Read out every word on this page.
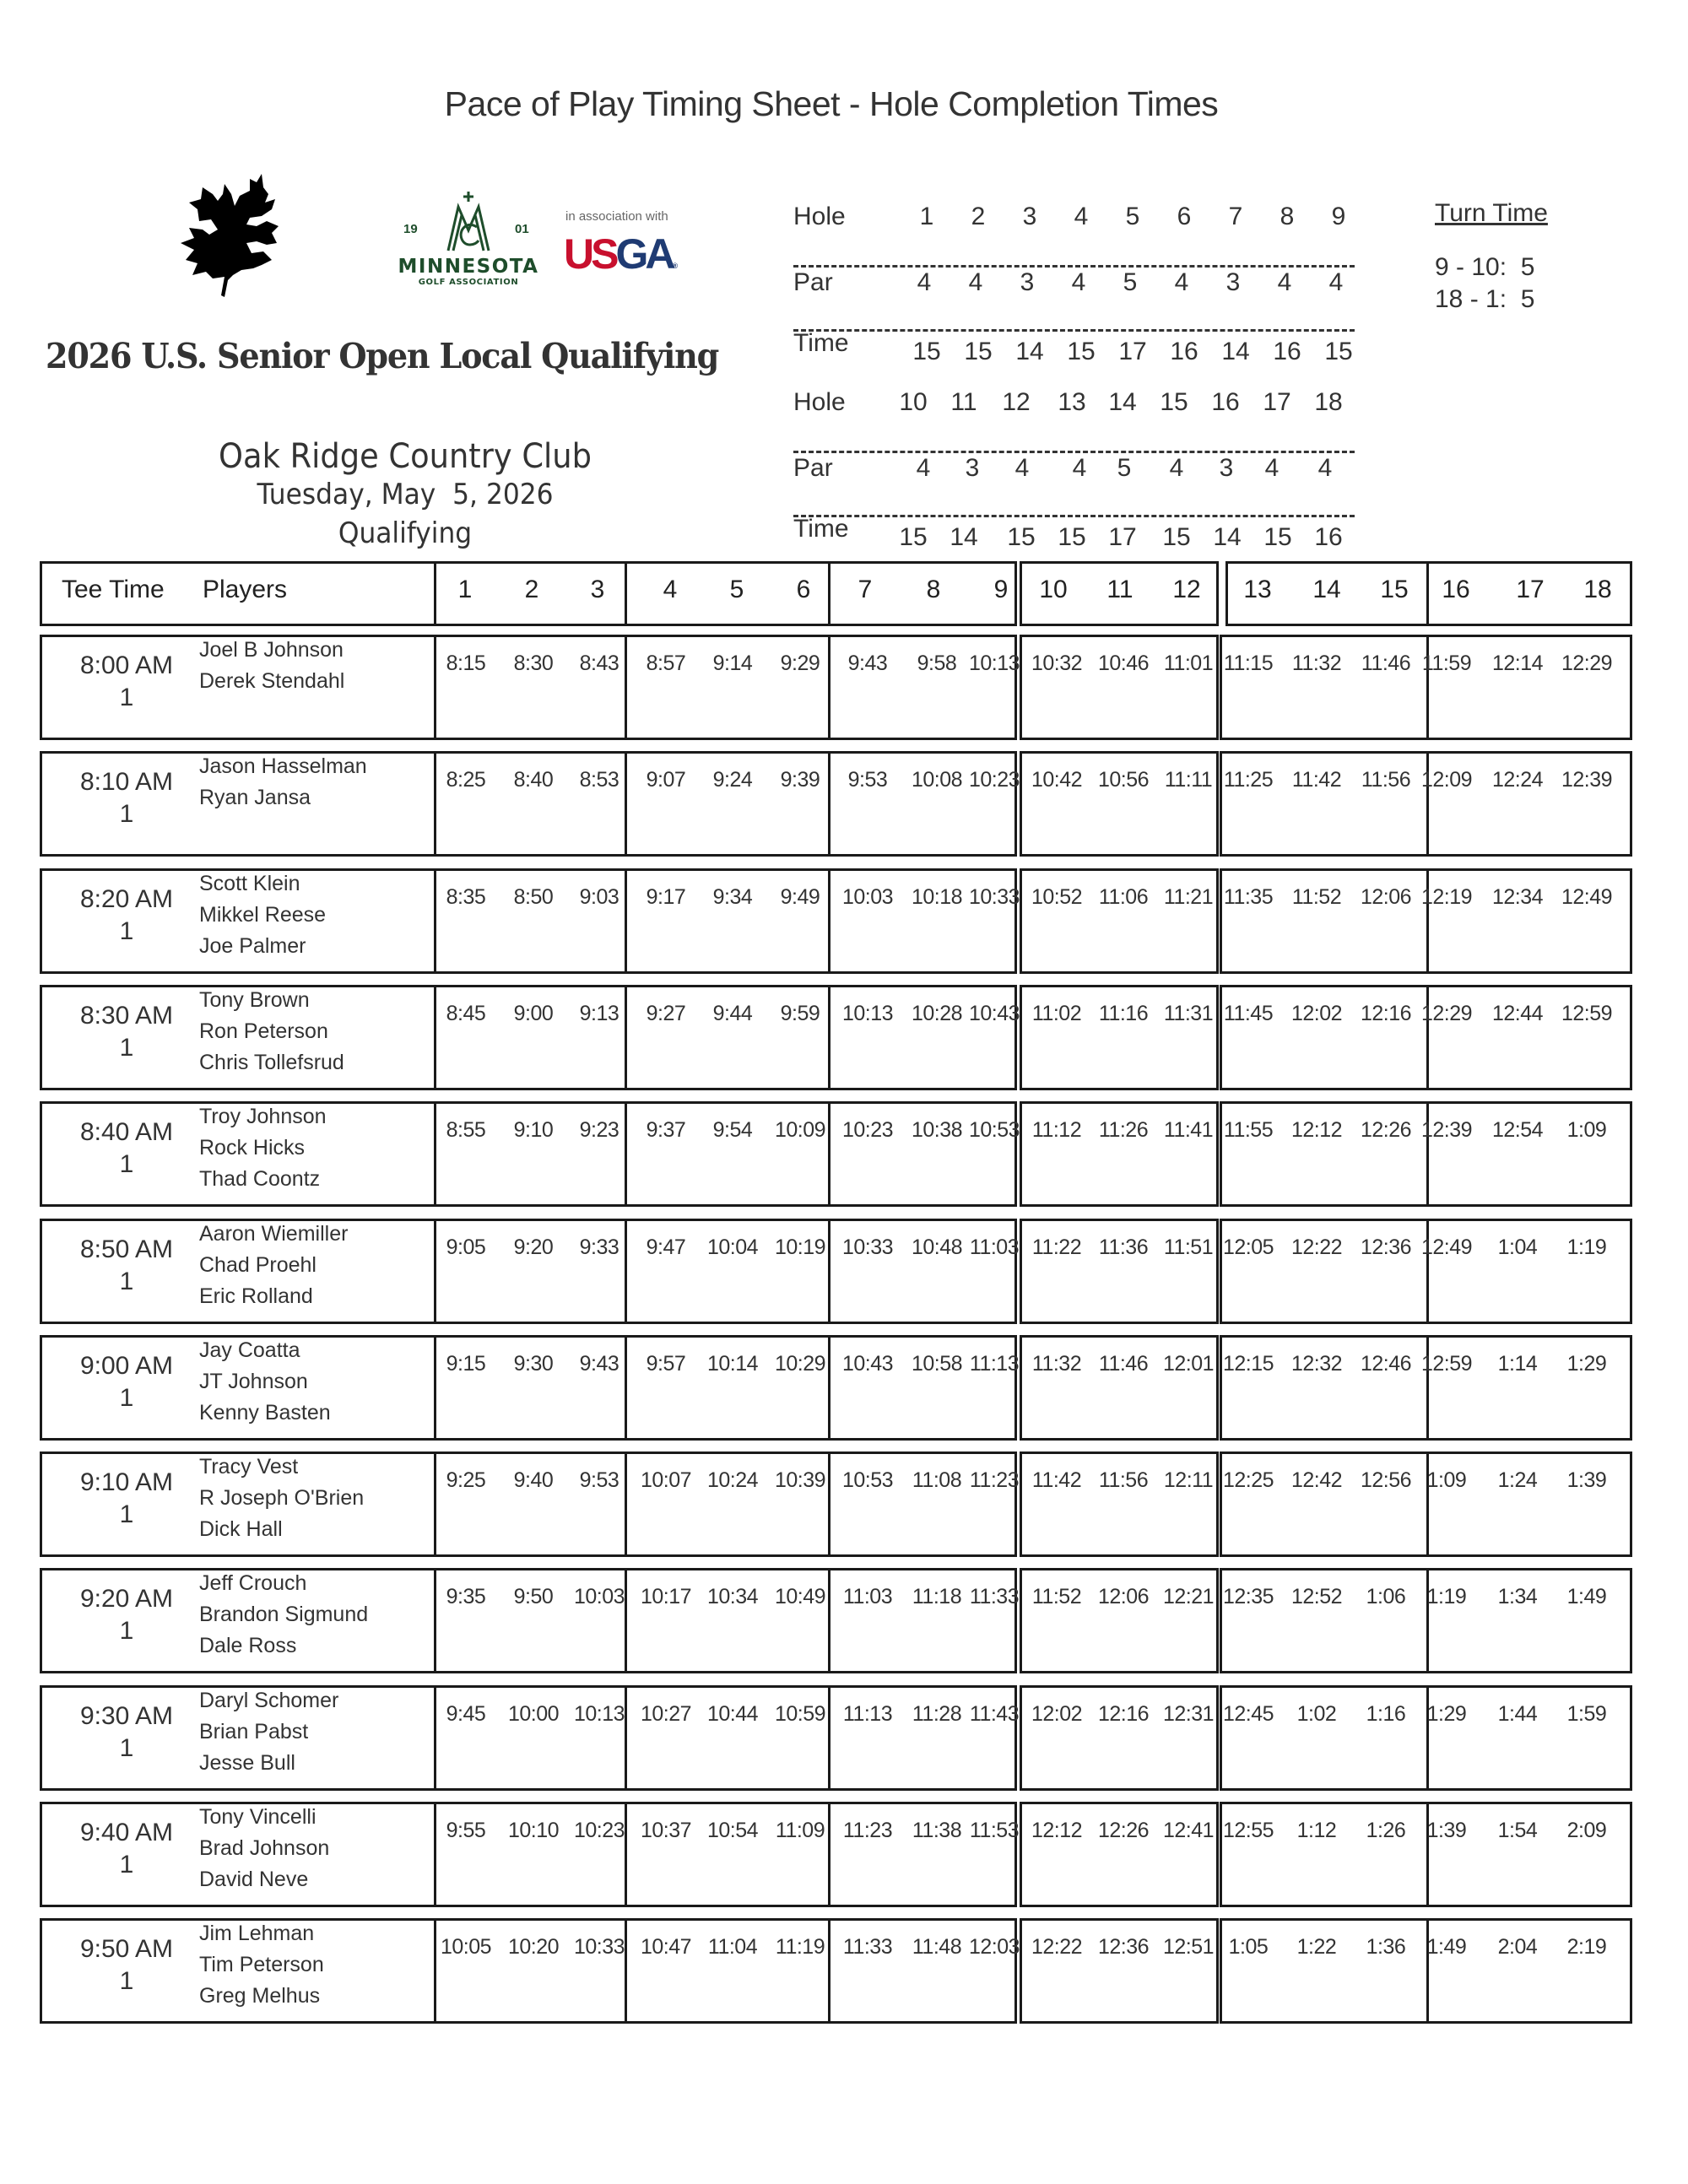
Pace of Play Timing Sheet - Hole Completion Times
19	01
MINNESOTA
GOLF ASSOCIATION
in association with
USGA®
2026 U.S. Senior Open Local Qualifying
Oak Ridge Country Club
Tuesday, May  5, 2026
Qualifying
Hole	1	2	3	4	5	6	7	8	9
Par	4	4	3	4	5	4	3	4	4
Time	15 15 14 15 17 16 14 16 15
Hole	10 11 12	13 14 15 16 17 18
Par	4	3	4	4	5	4	3	4	4
Time	15 14	15 15 17	15 14 15 16
Turn Time
9 - 10:  5
18 - 1:  5
Tee Time Players	1	2	3	4	5	6	7	8	9	10 11 12 13 14 15 16 17 18
8:00 AM
1
Joel B Johnson
Derek Stendahl
8:15	8:30	8:43	8:57	9:14	9:29	9:43	9:58 10:13 10:32 10:46 11:01 11:15 11:32 11:46 11:59 12:14 12:29
8:10 AM
1
Jason Hasselman
Ryan Jansa
8:25	8:40	8:53	9:07	9:24	9:39	9:53	10:08 10:23 10:42 10:56 11:11 11:25 11:42 11:56 12:09 12:24 12:39
8:20 AM
1
Scott Klein
Mikkel Reese
Joe Palmer
8:35	8:50	9:03	9:17	9:34	9:49	10:03 10:18 10:33 10:52 11:06 11:21 11:35 11:52 12:06 12:19 12:34 12:49
8:30 AM
1
Tony Brown
Ron Peterson
Chris Tollefsrud
8:45	9:00	9:13	9:27	9:44	9:59	10:13 10:28 10:43 11:02 11:16 11:31 11:45 12:02 12:16 12:29 12:44 12:59
8:40 AM
1
Troy Johnson
Rock Hicks
Thad Coontz
8:55	9:10	9:23	9:37	9:54	10:09 10:23 10:38 10:53 11:12 11:26 11:41 11:55 12:12 12:26 12:39 12:54	1:09
8:50 AM
1
Aaron Wiemiller
Chad Proehl
Eric Rolland
9:05	9:20	9:33	9:47	10:04 10:19 10:33 10:48 11:03 11:22 11:36 11:51 12:05 12:22 12:36 12:49	1:04	1:19
9:00 AM
1
Jay Coatta
JT Johnson
Kenny Basten
9:15	9:30	9:43	9:57	10:14 10:29 10:43 10:58 11:13 11:32 11:46 12:01 12:15 12:32 12:46 12:59	1:14	1:29
9:10 AM
1
Tracy Vest
R Joseph O'Brien
Dick Hall
9:25	9:40	9:53	10:07 10:24 10:39 10:53 11:08 11:23 11:42 11:56 12:11 12:25 12:42 12:56 1:09	1:24	1:39
9:20 AM
1
Jeff Crouch
Brandon Sigmund
Dale Ross
9:35	9:50 10:03 10:17 10:34 10:49 11:03 11:18 11:33 11:52 12:06 12:21 12:35 12:52	1:06	1:19	1:34	1:49
9:30 AM
1
Daryl Schomer
Brian Pabst
Jesse Bull
9:45	10:00 10:13 10:27 10:44 10:59 11:13 11:28 11:43 12:02 12:16 12:31 12:45	1:02	1:16	1:29	1:44	1:59
9:40 AM
1
Tony Vincelli
Brad Johnson
David Neve
9:55	10:10 10:23 10:37 10:54 11:09 11:23 11:38 11:53 12:12 12:26 12:41 12:55	1:12	1:26	1:39	1:54	2:09
9:50 AM
1
Jim Lehman
Tim Peterson
Greg Melhus
10:05 10:20 10:33 10:47 11:04 11:19 11:33 11:48 12:03 12:22 12:36 12:51 1:05	1:22	1:36	1:49	2:04	2:19
